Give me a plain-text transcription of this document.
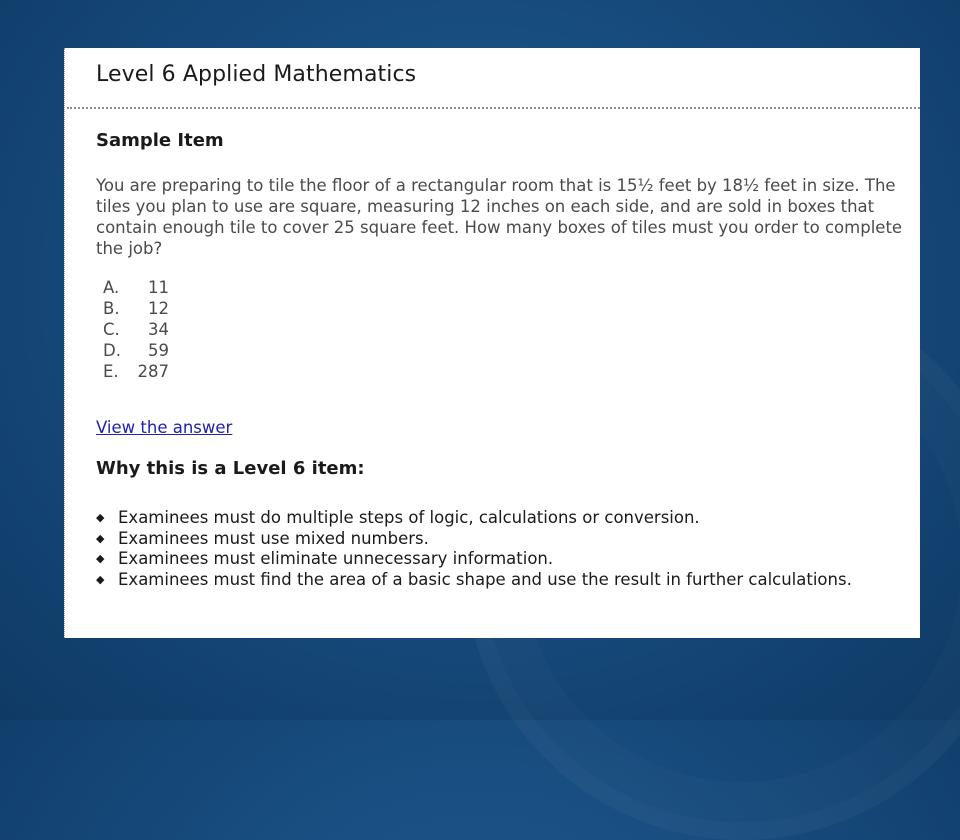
Level 6 Applied Mathematics
Sample Item

You are preparing to tile the floor of a rectangular room that is 15½ feet by 18½ feet in size. The tiles you plan to use are square, measuring 12 inches on each side, and are sold in boxes that contain enough tile to cover 25 square feet. How many boxes of tiles must you order to complete the job?

A.	11
B.	12
C.	34
D.	59
E.	287
View the answer
Why this is a Level 6 item:
◆ Examinees must do multiple steps of logic, calculations or conversion.
◆ Examinees must use mixed numbers.
◆ Examinees must eliminate unnecessary information.
◆ Examinees must find the area of a basic shape and use the result in further calculations.
